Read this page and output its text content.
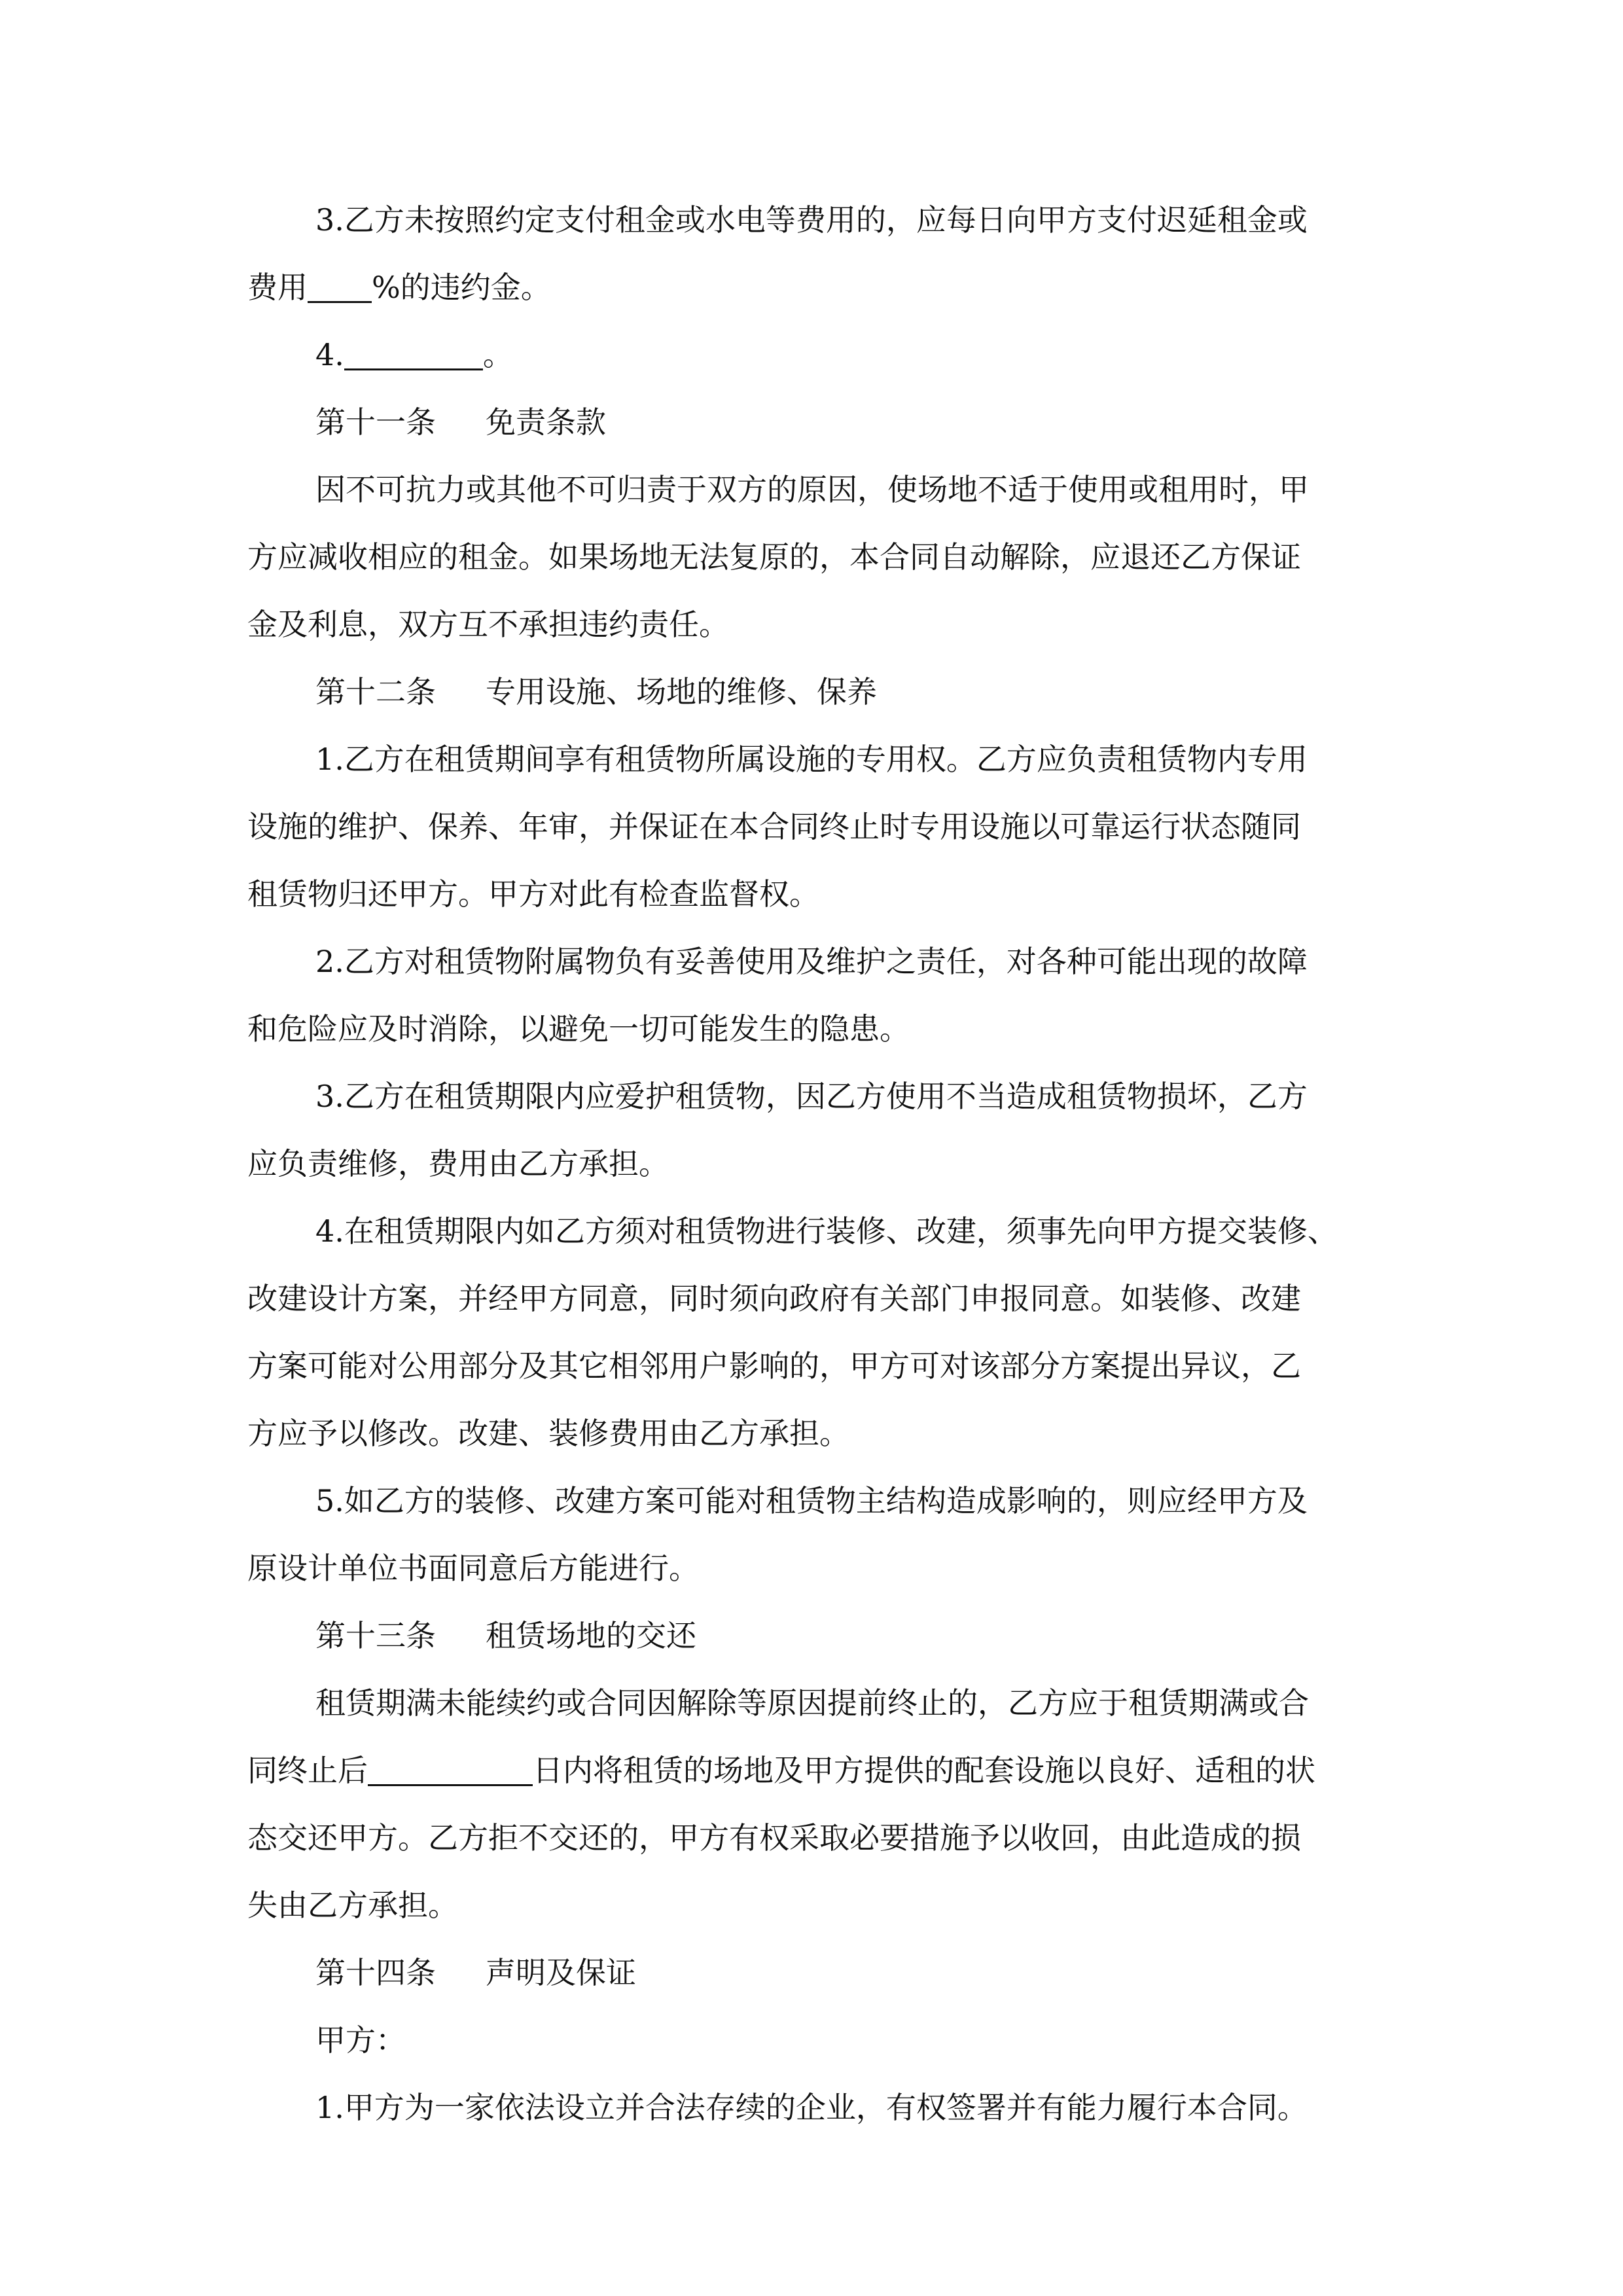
3.乙方未按照约定支付租金或水电等费用的，应每日向甲方支付迟延租金或
费用 %的违约金。
4.	。
第十一条 免责条款
因不可抗力或其他不可归责于双方的原因，使场地不适于使用或租用时，甲
方应减收相应的租金。如果场地无法复原的，本合同自动解除，应退还乙方保证
金及利息，双方互不承担违约责任。
第十二条 专用设施、场地的维修、保养
1.乙方在租赁期间享有租赁物所属设施的专用权。乙方应负责租赁物内专用
设施的维护、保养、年审，并保证在本合同终止时专用设施以可靠运行状态随同
租赁物归还甲方。甲方对此有检查监督权。
2.乙方对租赁物附属物负有妥善使用及维护之责任，对各种可能出现的故障
和危险应及时消除，以避免一切可能发生的隐患。
3.乙方在租赁期限内应爱护租赁物，因乙方使用不当造成租赁物损坏，乙方
应负责维修，费用由乙方承担。
4.在租赁期限内如乙方须对租赁物进行装修、改建，须事先向甲方提交装修、
改建设计方案，并经甲方同意，同时须向政府有关部门申报同意。如装修、改建
方案可能对公用部分及其它相邻用户影响的，甲方可对该部分方案提出异议，乙
方应予以修改。改建、装修费用由乙方承担。
5.如乙方的装修、改建方案可能对租赁物主结构造成影响的，则应经甲方及
原设计单位书面同意后方能进行。
第十三条 租赁场地的交还
租赁期满未能续约或合同因解除等原因提前终止的，乙方应于租赁期满或合
同终止后	日内将租赁的场地及甲方提供的配套设施以良好、适租的状
态交还甲方。乙方拒不交还的，甲方有权采取必要措施予以收回，由此造成的损
失由乙方承担。
第十四条 声明及保证
甲方：
1.甲方为一家依法设立并合法存续的企业，有权签署并有能力履行本合同。
